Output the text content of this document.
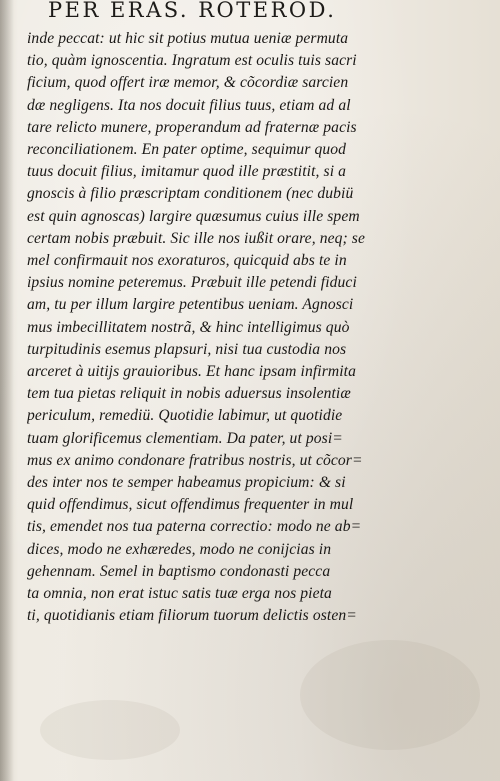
PER ERAS. ROTEROD.
inde peccat: ut hic sit potius mutua ueniæ permuta
tio, quàm ignoscentia. Ingratum est oculis tuis sacri
ficium, quod offert iræ memor, & cõcordiæ sarcien
dæ negligens. Ita nos docuit filius tuus, etiam ad al
tare relicto munere, properandum ad fraternæ pacis
reconciliationem. En pater optime, sequimur quod
tuus docuit filius, imitamur quod ille præstitit, si a
gnoscis à filio præscriptam conditionem (nec dubiü
est quin agnoscas) largire quæsumus cuius ille spem
certam nobis præbuit. Sic ille nos iußit orare, neq; se
mel confirmauit nos exoraturos, quicquid abs te in
ipsius nomine peteremus. Præbuit ille petendi fiduci
am, tu per illum largire petentibus ueniam. Agnosci
mus imbecillitatem nostrã, & hinc intelligimus quò
turpitudinis esemus plapsuri, nisi tua custodia nos
arceret à uitijs grauioribus. Et hanc ipsam infirmita
tem tua pietas reliquit in nobis aduersus insolentiæ
periculum, remediü. Quotidie labimur, ut quotidie
tuam glorificemus clementiam. Da pater, ut posi=
mus ex animo condonare fratribus nostris, ut cõcor=
des inter nos te semper habeamus propicium: & si
quid offendimus, sicut offendimus frequenter in mul
tis, emendet nos tua paterna correctio: modo ne ab=
dices, modo ne exhæredes, modo ne conijcias in
gehennam. Semel in baptismo condonasti pecca
ta omnia, non erat istuc satis tuæ erga nos pieta
ti, quotidianis etiam filiorum tuorum delictis osten=
